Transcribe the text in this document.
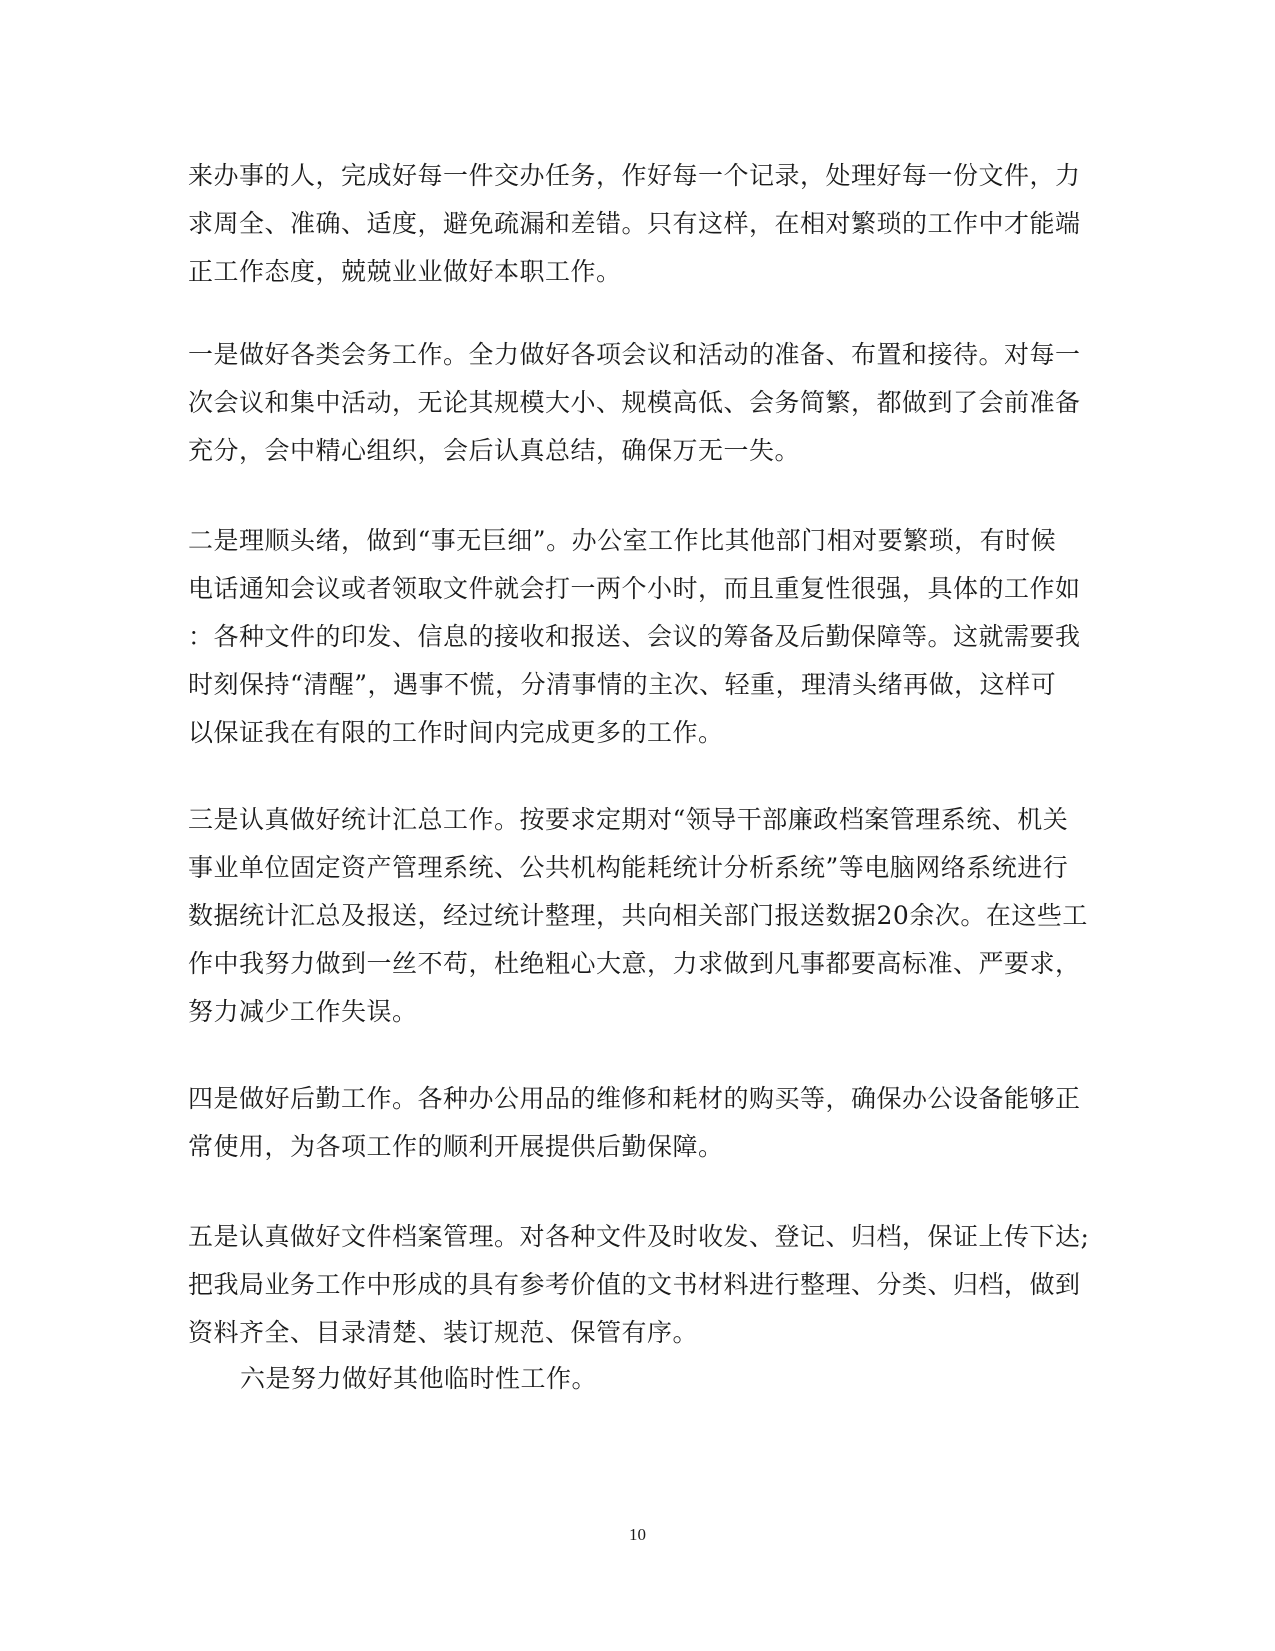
来办事的人，完成好每一件交办任务，作好每一个记录，处理好每一份文件，力
求周全、准确、适度，避免疏漏和差错。只有这样，在相对繁琐的工作中才能端
正工作态度，兢兢业业做好本职工作。
一是做好各类会务工作。全力做好各项会议和活动的准备、布置和接待。对每一
次会议和集中活动，无论其规模大小、规模高低、会务简繁，都做到了会前准备
充分，会中精心组织，会后认真总结，确保万无一失。
二是理顺头绪，做到“事无巨细”。办公室工作比其他部门相对要繁琐，有时候
电话通知会议或者领取文件就会打一两个小时，而且重复性很强，具体的工作如
：各种文件的印发、信息的接收和报送、会议的筹备及后勤保障等。这就需要我
时刻保持“清醒”，遇事不慌，分清事情的主次、轻重，理清头绪再做，这样可
以保证我在有限的工作时间内完成更多的工作。
三是认真做好统计汇总工作。按要求定期对“领导干部廉政档案管理系统、机关
事业单位固定资产管理系统、公共机构能耗统计分析系统”等电脑网络系统进行
数据统计汇总及报送，经过统计整理，共向相关部门报送数据20余次。在这些工
作中我努力做到一丝不苟，杜绝粗心大意，力求做到凡事都要高标准、严要求，
努力减少工作失误。
四是做好后勤工作。各种办公用品的维修和耗材的购买等，确保办公设备能够正
常使用，为各项工作的顺利开展提供后勤保障。
五是认真做好文件档案管理。对各种文件及时收发、登记、归档，保证上传下达;
把我局业务工作中形成的具有参考价值的文书材料进行整理、分类、归档，做到
资料齐全、目录清楚、装订规范、保管有序。
六是努力做好其他临时性工作。
10
